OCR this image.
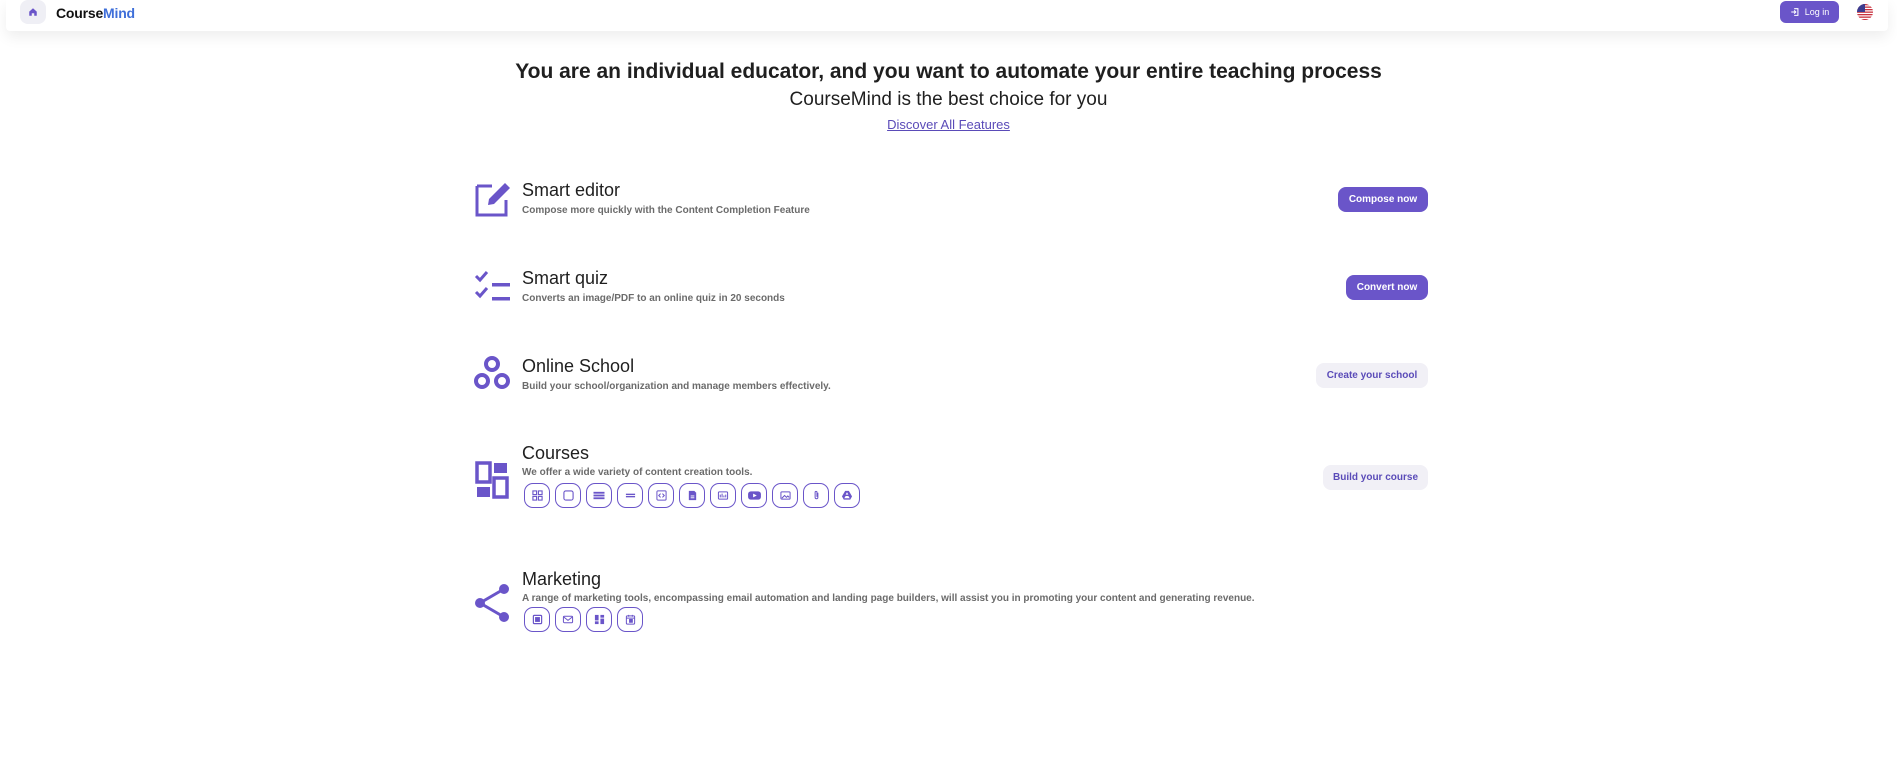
CourseMind	Log in
You are an individual educator, and you want to automate your entire teaching process
CourseMind is the best choice for you
Discover All Features
Smart editor
Compose more quickly with the Content Completion Feature
Compose now
Smart quiz
Converts an image/PDF to an online quiz in 20 seconds
Convert now
Online School
Build your school/organization and manage members effectively.
Create your school
Courses
We offer a wide variety of content creation tools.	Build your course
Marketing
A range of marketing tools, encompassing email automation and landing page builders, will assist you in promoting your content and generating revenue.
